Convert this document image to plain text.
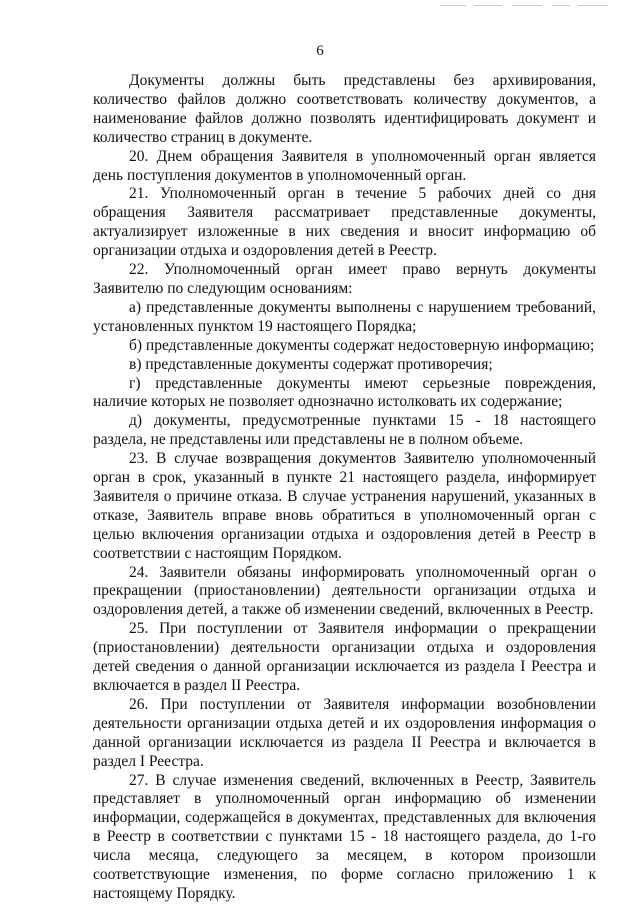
6

Документы должны быть представлены без архивирования, количество файлов должно соответствовать количеству документов, а наименование файлов должно позволять идентифицировать документ и количество страниц в документе.

20. Днем обращения Заявителя в уполномоченный орган является день поступления документов в уполномоченный орган.

21. Уполномоченный орган в течение 5 рабочих дней со дня обращения Заявителя рассматривает представленные документы, актуализирует изложенные в них сведения и вносит информацию об организации отдыха и оздоровления детей в Реестр.

22. Уполномоченный орган имеет право вернуть документы Заявителю по следующим основаниям:

а) представленные документы выполнены с нарушением требований, установленных пунктом 19 настоящего Порядка;

б) представленные документы содержат недостоверную информацию;

в) представленные документы содержат противоречия;

г) представленные документы имеют серьезные повреждения, наличие которых не позволяет однозначно истолковать их содержание;

д) документы, предусмотренные пунктами 15 - 18 настоящего раздела, не представлены или представлены не в полном объеме.

23. В случае возвращения документов Заявителю уполномоченный орган в срок, указанный в пункте 21 настоящего раздела, информирует Заявителя о причине отказа. В случае устранения нарушений, указанных в отказе, Заявитель вправе вновь обратиться в уполномоченный орган с целью включения организации отдыха и оздоровления детей в Реестр в соответствии с настоящим Порядком.

24. Заявители обязаны информировать уполномоченный орган о прекращении (приостановлении) деятельности организации отдыха и оздоровления детей, а также об изменении сведений, включенных в Реестр.

25. При поступлении от Заявителя информации о прекращении (приостановлении) деятельности организации отдыха и оздоровления детей сведения о данной организации исключается из раздела I Реестра и включается в раздел II Реестра.

26. При поступлении от Заявителя информации возобновлении деятельности организации отдыха детей и их оздоровления информация о данной организации исключается из раздела II Реестра и включается в раздел I Реестра.

27. В случае изменения сведений, включенных в Реестр, Заявитель представляет в уполномоченный орган информацию об изменении информации, содержащейся в документах, представленных для включения в Реестр в соответствии с пунктами 15 - 18 настоящего раздела, до 1-го числа месяца, следующего за месяцем, в котором произошли соответствующие изменения, по форме согласно приложению 1 к настоящему Порядку.
